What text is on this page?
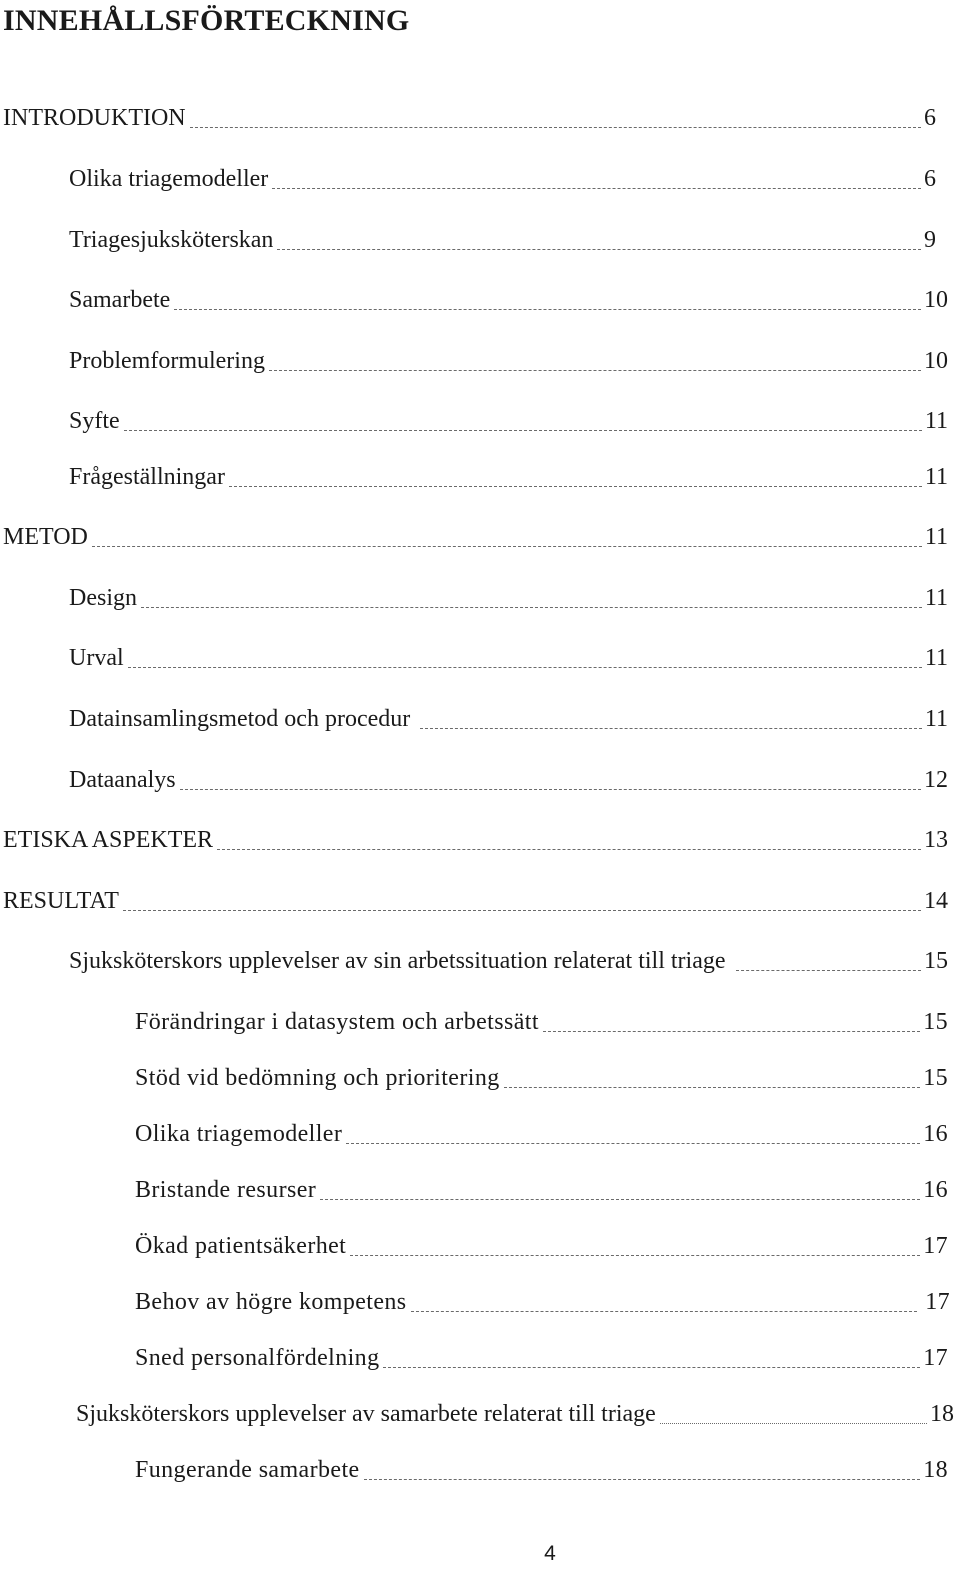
INNEHÅLLSFÖRTECKNING
INTRODUKTION	6
Olika triagemodeller	6
Triagesjuksköterskan	9
Samarbete	10
Problemformulering	10
Syfte	11
Frågeställningar	11
METOD	11
Design	11
Urval	11
Datainsamlingsmetod och procedur	11
Dataanalys	12
ETISKA ASPEKTER	13
RESULTAT	14
Sjuksköterskors upplevelser av sin arbetssituation relaterat till triage	15
Förändringar i datasystem och arbetssätt	15
Stöd vid bedömning och prioritering	15
Olika triagemodeller	16
Bristande resurser	16
Ökad patientsäkerhet	17
Behov av högre kompetens	17
Sned personalfördelning	17
Sjuksköterskors upplevelser av samarbete relaterat till triage	18
Fungerande samarbete	18
4
